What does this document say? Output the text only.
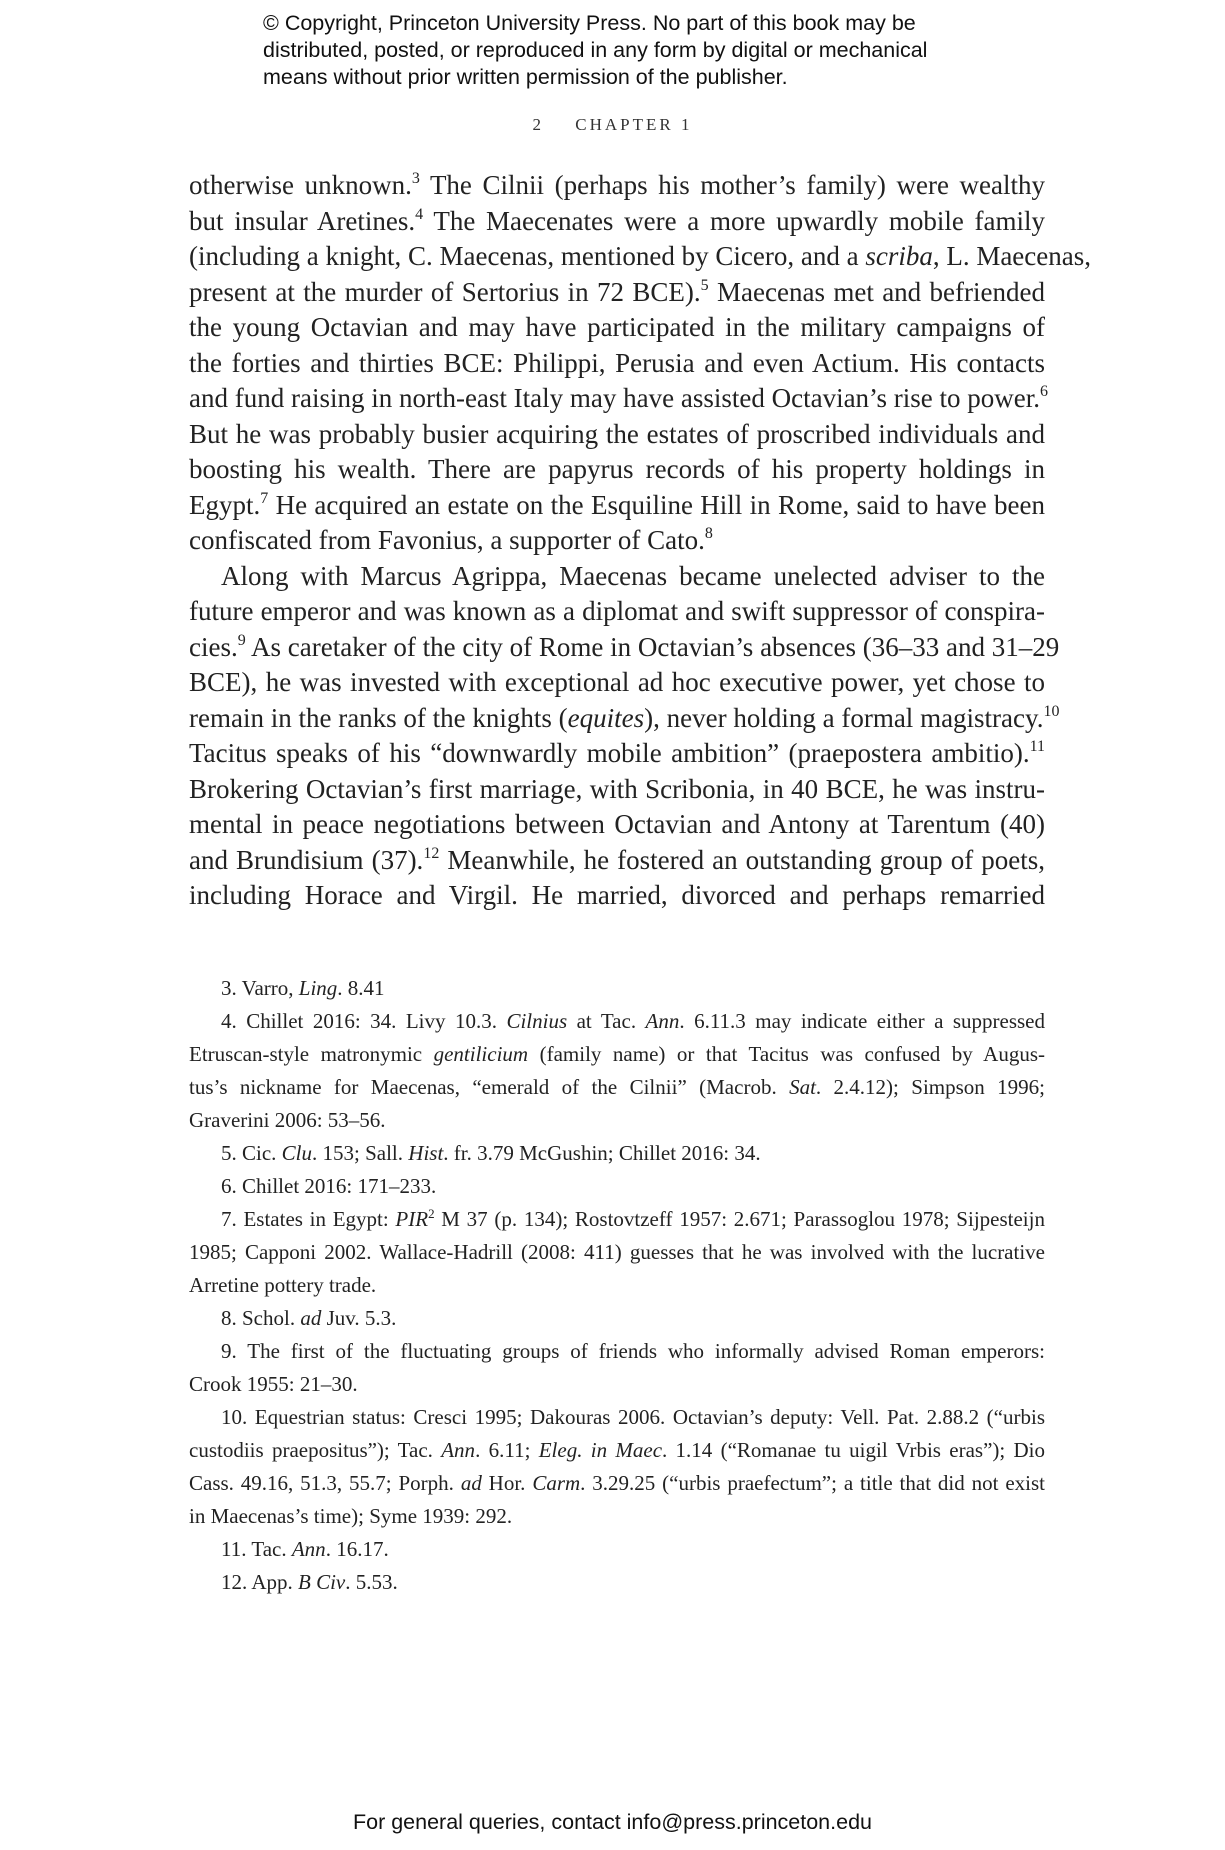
© Copyright, Princeton University Press. No part of this book may be
distributed, posted, or reproduced in any form by digital or mechanical
means without prior written permission of the publisher.
2 CHAPTER 1
otherwise unknown.$^3$ The Cilnii (perhaps his mother’s family) were wealthy
but insular Aretines.$^4$ The Maecenates were a more upwardly mobile family
(including a knight, C. Maecenas, mentioned by Cicero, and a scriba, L. Maecenas,
present at the murder of Sertorius in 72 BCE).$^5$ Maecenas met and befriended
the young Octavian and may have participated in the military campaigns of
the forties and thirties BCE: Philippi, Perusia and even Actium. His contacts
and fund raising in north-east Italy may have assisted Octavian’s rise to power.$^6$
But he was probably busier acquiring the estates of proscribed individuals and
boosting his wealth. There are papyrus records of his property holdings in
Egypt.$^7$ He acquired an estate on the Esquiline Hill in Rome, said to have been
confiscated from Favonius, a supporter of Cato.$^8$
Along with Marcus Agrippa, Maecenas became unelected adviser to the
future emperor and was known as a diplomat and swift suppressor of conspira-
cies.$^9$ As caretaker of the city of Rome in Octavian’s absences (36–33 and 31–29
BCE), he was invested with exceptional ad hoc executive power, yet chose to
remain in the ranks of the knights (equites), never holding a formal magistracy.$^{10}$
Tacitus speaks of his “downwardly mobile ambition” (praepostera ambitio).$^{11}$
Brokering Octavian’s first marriage, with Scribonia, in 40 BCE, he was instru-
mental in peace negotiations between Octavian and Antony at Tarentum (40)
and Brundisium (37).$^{12}$ Meanwhile, he fostered an outstanding group of poets,
including Horace and Virgil. He married, divorced and perhaps remarried
3. Varro, Ling. 8.41
4. Chillet 2016: 34. Livy 10.3. Cilnius at Tac. Ann. 6.11.3 may indicate either a suppressed
Etruscan-style matronymic gentilicium (family name) or that Tacitus was confused by Augus-
tus’s nickname for Maecenas, “emerald of the Cilnii” (Macrob. Sat. 2.4.12); Simpson 1996;
Graverini 2006: 53–56.
5. Cic. Clu. 153; Sall. Hist. fr. 3.79 McGushin; Chillet 2016: 34.
6. Chillet 2016: 171–233.
7. Estates in Egypt: PIR$^2$ M 37 (p. 134); Rostovtzeff 1957: 2.671; Parassoglou 1978; Sijpesteijn
1985; Capponi 2002. Wallace-Hadrill (2008: 411) guesses that he was involved with the lucrative
Arretine pottery trade.
8. Schol. ad Juv. 5.3.
9. The first of the fluctuating groups of friends who informally advised Roman emperors:
Crook 1955: 21–30.
10. Equestrian status: Cresci 1995; Dakouras 2006. Octavian’s deputy: Vell. Pat. 2.88.2 (“urbis
custodiis praepositus”); Tac. Ann. 6.11; Eleg. in Maec. 1.14 (“Romanae tu uigil Vrbis eras”); Dio
Cass. 49.16, 51.3, 55.7; Porph. ad Hor. Carm. 3.29.25 (“urbis praefectum”; a title that did not exist
in Maecenas’s time); Syme 1939: 292.
11. Tac. Ann. 16.17.
12. App. B Civ. 5.53.
For general queries, contact info@press.princeton.edu
